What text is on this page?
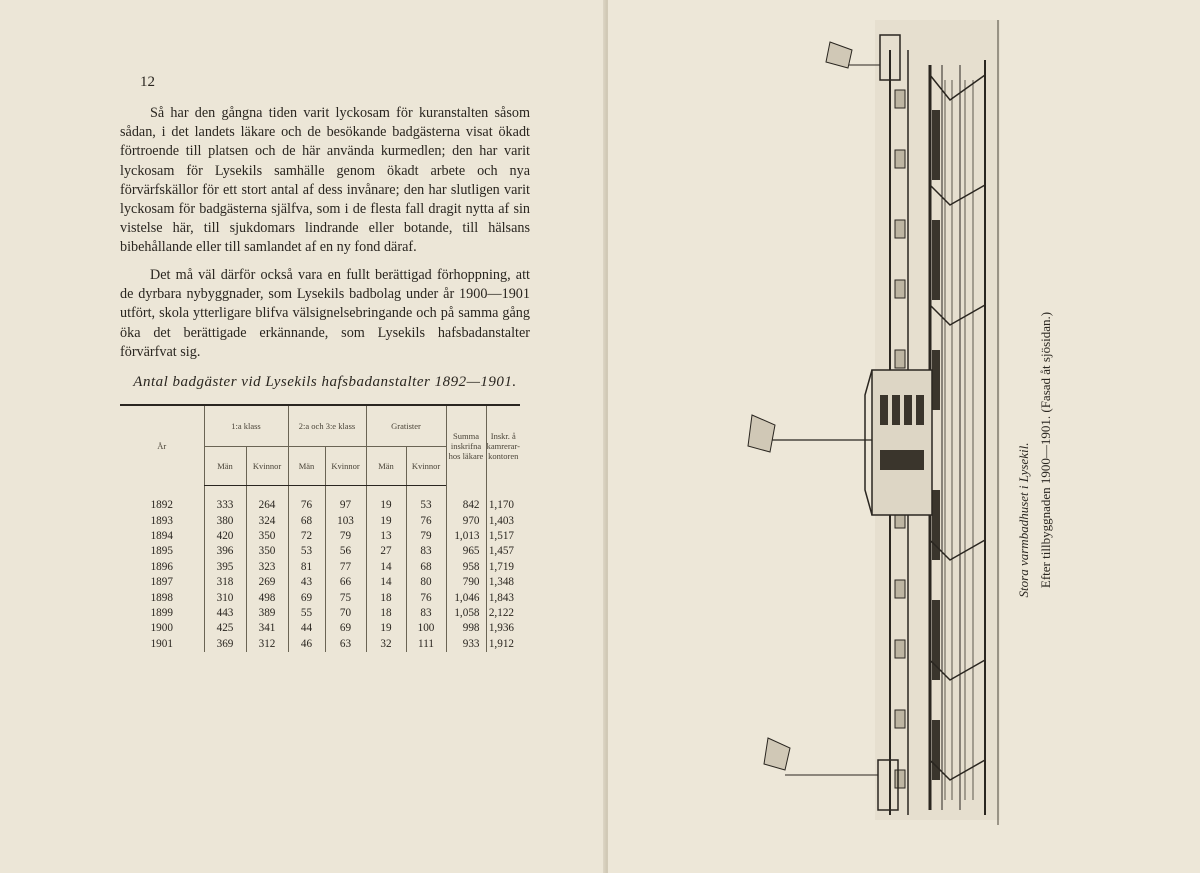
12

Så har den gångna tiden varit lyckosam för kuranstalten såsom sådan, i det landets läkare och de besökande badgästerna visat ökadt förtroende till platsen och de här använda kurmedlen; den har varit lyckosam för Lysekils samhälle genom ökadt arbete och nya förvärfskällor för ett stort antal af dess invånare; den har slutligen varit lyckosam för badgästerna själfva, som i de flesta fall dragit nytta af sin vistelse här, till sjukdomars lindrande eller botande, till hälsans bibehållande eller till samlandet af en ny fond däraf.

Det må väl därför också vara en fullt berättigad förhoppning, att de dyrbara nybyggnader, som Lysekils badbolag under år 1900—1901 utfört, skola ytterligare blifva välsignelsebringande och på samma gång öka det berättigade erkännande, som Lysekils hafsbadanstalter förvärfvat sig.

Antal badgäster vid Lysekils hafsbadanstalter 1892—1901.
År	1:a klass		2:a och 3:e klass		Gratister		Summa inskrifna hos läkare	Inskr. å kamrerar-kontoren
	Män	Kvinnor	Män	Kvinnor	Män	Kvinnor		
1892	333	264	76	97	19	53	842	1,170
1893	380	324	68	103	19	76	970	1,403
1894	420	350	72	79	13	79	1,013	1,517
1895	396	350	53	56	27	83	965	1,457
1896	395	323	81	77	14	68	958	1,719
1897	318	269	43	66	14	80	790	1,348
1898	310	498	69	75	18	76	1,046	1,843
1899	443	389	55	70	18	83	1,058	2,122
1900	425	341	44	69	19	100	998	1,936
1901	369	312	46	63	32	111	933	1,912
Stora varmbadhuset i Lysekil. Efter tillbyggnaden 1900—1901. (Fasad åt sjösidan.)
